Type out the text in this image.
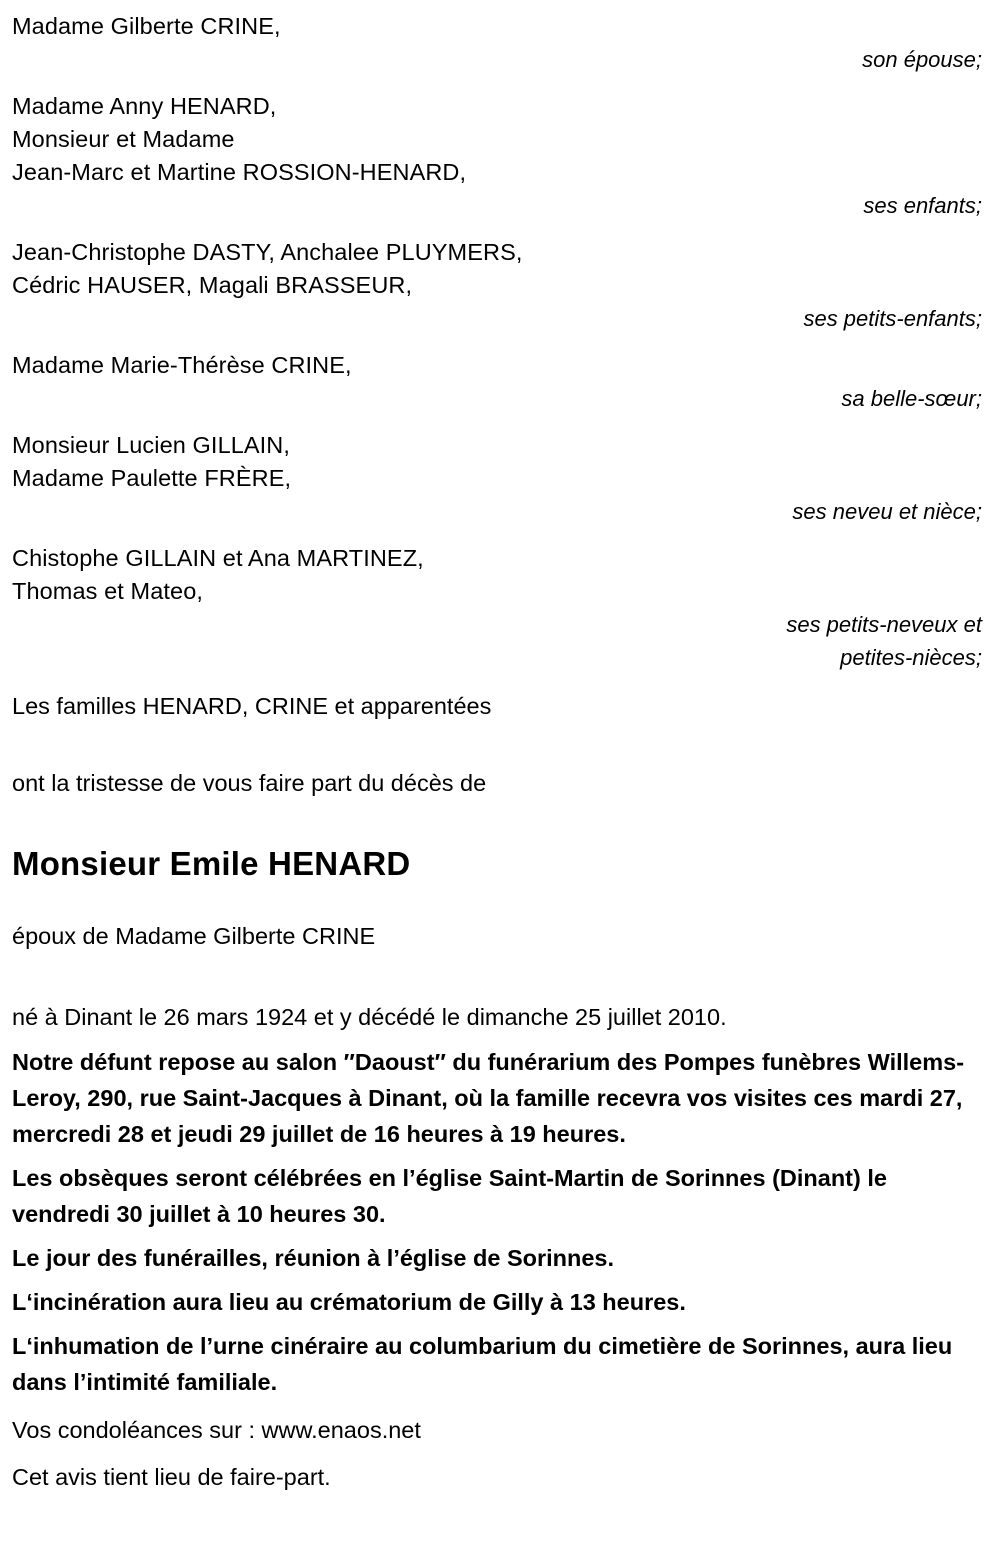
Madame Gilberte CRINE,
son épouse;
Madame Anny HENARD,
Monsieur et Madame
Jean-Marc et Martine ROSSION-HENARD,
ses enfants;
Jean-Christophe DASTY, Anchalee PLUYMERS,
Cédric HAUSER, Magali BRASSEUR,
ses petits-enfants;
Madame Marie-Thérèse CRINE,
sa belle-sœur;
Monsieur Lucien GILLAIN,
Madame Paulette FRÈRE,
ses neveu et nièce;
Chistophe GILLAIN et Ana MARTINEZ,
Thomas et Mateo,
ses petits-neveux et
petites-nièces;
Les familles HENARD, CRINE et apparentées
ont la tristesse de vous faire part du décès de
Monsieur Emile HENARD
époux de Madame Gilberte CRINE
né à Dinant le 26 mars 1924 et y décédé le dimanche 25 juillet 2010.
Notre défunt repose au salon ″Daoust″ du funérarium des Pompes funèbres Willems-Leroy, 290, rue Saint-Jacques à Dinant, où la famille recevra vos visites ces mardi 27, mercredi 28 et jeudi 29 juillet de 16 heures à 19 heures.
Les obsèques seront célébrées en l’église Saint-Martin de Sorinnes (Dinant) le vendredi 30 juillet à 10 heures 30.
Le jour des funérailles, réunion à l’église de Sorinnes.
L‘incinération aura lieu au crématorium de Gilly à 13 heures.
L‘inhumation de l’urne cinéraire au columbarium du cimetière de Sorinnes, aura lieu dans l’intimité familiale.
Vos condoléances sur : www.enaos.net
Cet avis tient lieu de faire-part.
